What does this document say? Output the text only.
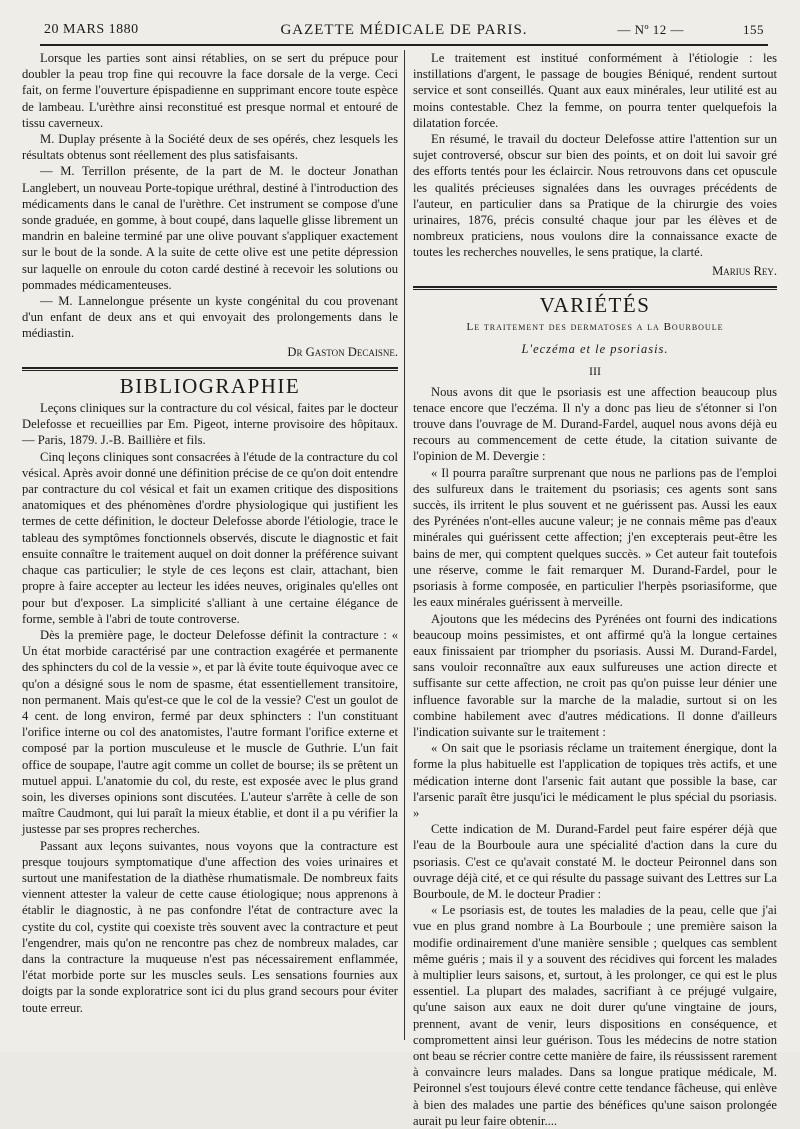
20 MARS 1880	GAZETTE MÉDICALE DE PARIS.	— Nº 12 —	155

Lorsque les parties sont ainsi rétablies, on se sert du prépuce pour doubler la peau trop fine qui recouvre la face dorsale de la verge. Ceci fait, on ferme l'ouverture épispadienne en supprimant encore toute espèce de lambeau. L'urèthre ainsi reconstitué est presque normal et entouré de tissu caverneux.

M. Duplay présente à la Société deux de ses opérés, chez lesquels les résultats obtenus sont réellement des plus satisfaisants.

— M. Terrillon présente, de la part de M. le docteur Jonathan Langlebert, un nouveau Porte-topique uréthral, destiné à l'introduction des médicaments dans le canal de l'urèthre. Cet instrument se compose d'une sonde graduée, en gomme, à bout coupé, dans laquelle glisse librement un mandrin en baleine terminé par une olive pouvant s'appliquer exactement sur le bout de la sonde. A la suite de cette olive est une petite dépression sur laquelle on enroule du coton cardé destiné à recevoir les solutions ou pommades médicamenteuses.

— M. Lannelongue présente un kyste congénital du cou provenant d'un enfant de deux ans et qui envoyait des prolongements dans le médiastin.

Dr Gaston Decaisne.
BIBLIOGRAPHIE

Leçons cliniques sur la contracture du col vésical, faites par le docteur Delefosse et recueillies par Em. Pigeot, interne provisoire des hôpitaux. — Paris, 1879. J.-B. Baillière et fils.

Cinq leçons cliniques sont consacrées à l'étude de la contracture du col vésical. Après avoir donné une définition précise de ce qu'on doit entendre par contracture du col vésical et fait un examen critique des dispositions anatomiques et des phénomènes d'ordre physiologique qui justifient les termes de cette définition, le docteur Delefosse aborde l'étiologie, trace le tableau des symptômes fonctionnels observés, discute le diagnostic et fait ensuite connaître le traitement auquel on doit donner la préférence suivant chaque cas particulier; le style de ces leçons est clair, attachant, bien propre à faire accepter au lecteur les idées neuves, originales qu'elles ont pour but d'exposer. La simplicité s'alliant à une certaine élégance de forme, semble à l'abri de toute controverse.

Dès la première page, le docteur Delefosse définit la contracture : « Un état morbide caractérisé par une contraction exagérée et permanente des sphincters du col de la vessie », et par là évite toute équivoque avec ce qu'on a désigné sous le nom de spasme, état essentiellement transitoire, non permanent. Mais qu'est-ce que le col de la vessie? C'est un goulot de 4 cent. de long environ, fermé par deux sphincters : l'un constituant l'orifice interne ou col des anatomistes, l'autre formant l'orifice externe et composé par la portion musculeuse et le muscle de Guthrie. L'un fait office de soupape, l'autre agit comme un collet de bourse; ils se prêtent un mutuel appui. L'anatomie du col, du reste, est exposée avec le plus grand soin, les diverses opinions sont discutées. L'auteur s'arrête à celle de son maître Caudmont, qui lui paraît la mieux établie, et dont il a pu vérifier la justesse par ses propres recherches.

Passant aux leçons suivantes, nous voyons que la contracture est presque toujours symptomatique d'une affection des voies urinaires et surtout une manifestation de la diathèse rhumatismale. De nombreux faits viennent attester la valeur de cette cause étiologique; nous apprenons à établir le diagnostic, à ne pas confondre l'état de contracture avec la cystite du col, cystite qui coexiste très souvent avec la contracture et peut l'engendrer, mais qu'on ne rencontre pas chez de nombreux malades, car dans la contracture la muqueuse n'est pas nécessairement enflammée, l'état morbide porte sur les muscles seuls. Les sensations fournies aux doigts par la sonde exploratrice sont ici du plus grand secours pour éviter toute erreur.

Le traitement est institué conformément à l'étiologie : les instillations d'argent, le passage de bougies Béniqué, rendent surtout service et sont conseillés. Quant aux eaux minérales, leur utilité est au moins contestable. Chez la femme, on pourra tenter quelquefois la dilatation forcée.

En résumé, le travail du docteur Delefosse attire l'attention sur un sujet controversé, obscur sur bien des points, et on doit lui savoir gré des efforts tentés pour les éclaircir. Nous retrouvons dans cet opuscule les qualités précieuses signalées dans les ouvrages précédents de l'auteur, en particulier dans sa Pratique de la chirurgie des voies urinaires, 1876, précis consulté chaque jour par les élèves et de nombreux praticiens, nous voulons dire la connaissance exacte de toutes les recherches nouvelles, le sens pratique, la clarté.

Marius Rey.
VARIÉTÉS
Le traitement des dermatoses a la Bourboule
L'eczéma et le psoriasis.
III

Nous avons dit que le psoriasis est une affection beaucoup plus tenace encore que l'eczéma. Il n'y a donc pas lieu de s'étonner si l'on trouve dans l'ouvrage de M. Durand-Fardel, auquel nous avons déjà eu recours au commencement de cette étude, la citation suivante de l'opinion de M. Devergie :

« Il pourra paraître surprenant que nous ne parlions pas de l'emploi des sulfureux dans le traitement du psoriasis; ces agents sont sans succès, ils irritent le plus souvent et ne guérissent pas. Aussi les eaux des Pyrénées n'ont-elles aucune valeur; je ne connais même pas d'eaux minérales qui guérissent cette affection; j'en excepterais peut-être les bains de mer, qui comptent quelques succès. » Cet auteur fait toutefois une réserve, comme le fait remarquer M. Durand-Fardel, pour le psoriasis à forme composée, en particulier l'herpès psoriasiforme, que les eaux minérales guérissent à merveille.

Ajoutons que les médecins des Pyrénées ont fourni des indications beaucoup moins pessimistes, et ont affirmé qu'à la longue certaines eaux finissaient par triompher du psoriasis. Aussi M. Durand-Fardel, sans vouloir reconnaître aux eaux sulfureuses une action directe et suffisante sur cette affection, ne croit pas qu'on puisse leur dénier une influence favorable sur la marche de la maladie, surtout si on les combine habilement avec d'autres médications. Il donne d'ailleurs l'indication suivante sur le traitement :

« On sait que le psoriasis réclame un traitement énergique, dont la forme la plus habituelle est l'application de topiques très actifs, et une médication interne dont l'arsenic fait autant que possible la base, car l'arsenic paraît être jusqu'ici le médicament le plus spécial du psoriasis. »

Cette indication de M. Durand-Fardel peut faire espérer déjà que l'eau de la Bourboule aura une spécialité d'action dans la cure du psoriasis. C'est ce qu'avait constaté M. le docteur Peironnel dans son ouvrage déjà cité, et ce qui résulte du passage suivant des Lettres sur La Bourboule, de M. le docteur Pradier :

« Le psoriasis est, de toutes les maladies de la peau, celle que j'ai vue en plus grand nombre à La Bourboule ; une première saison la modifie ordinairement d'une manière sensible ; quelques cas semblent même guéris ; mais il y a souvent des récidives qui forcent les malades à multiplier leurs saisons, et, surtout, à les prolonger, ce qui est le plus essentiel. La plupart des malades, sacrifiant à ce préjugé vulgaire, qu'une saison aux eaux ne doit durer qu'une vingtaine de jours, prennent, avant de venir, leurs dispositions en conséquence, et compromettent ainsi leur guérison. Tous les médecins de notre station ont beau se récrier contre cette manière de faire, ils réussissent rarement à convaincre leurs malades. Dans sa longue pratique médicale, M. Peironnel s'est toujours élevé contre cette tendance fâcheuse, qui enlève à bien des malades une partie des bénéfices qu'une saison prolongée aurait pu leur faire obtenir....
